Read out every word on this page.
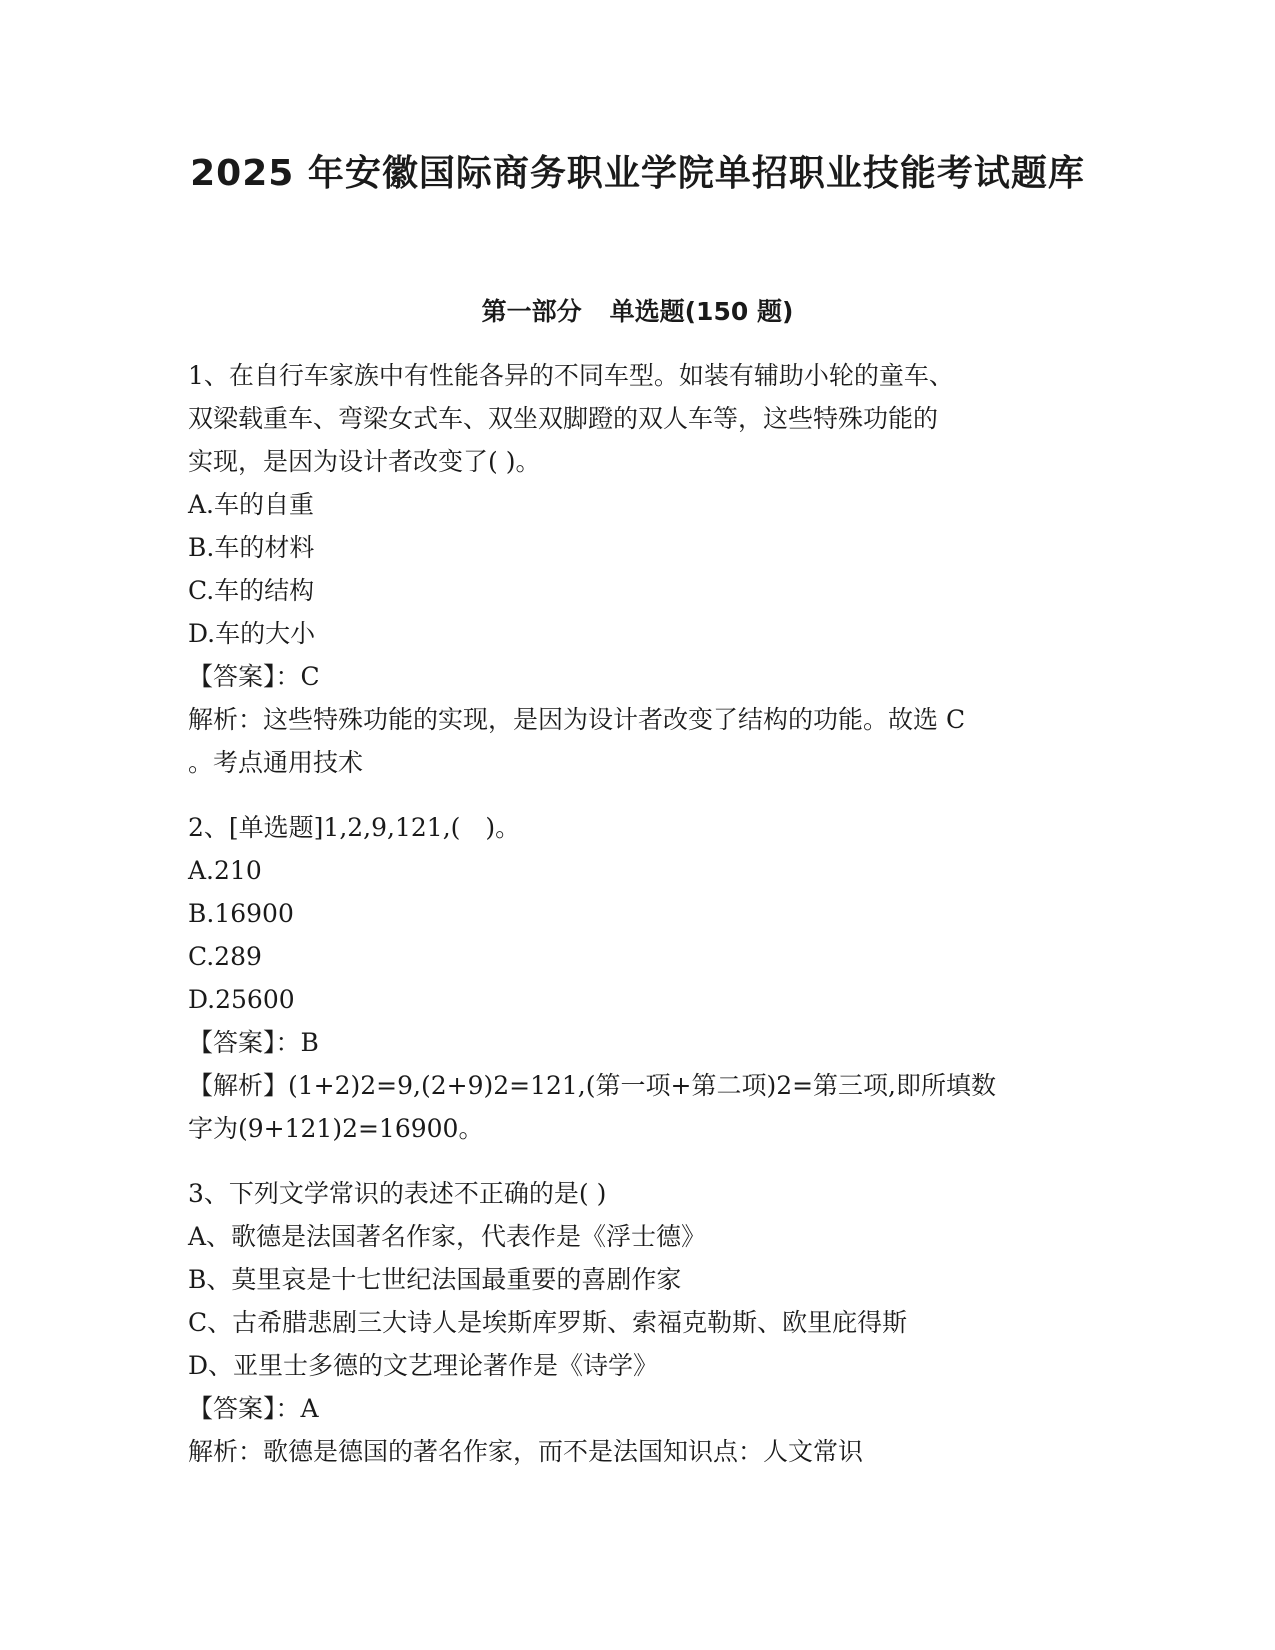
2025 年安徽国际商务职业学院单招职业技能考试题库
第一部分 单选题(150 题)
1、在自行车家族中有性能各异的不同车型。如装有辅助小轮的童车、
双梁载重车、弯梁女式车、双坐双脚蹬的双人车等，这些特殊功能的
实现，是因为设计者改变了( )。
A.车的自重
B.车的材料
C.车的结构
D.车的大小
【答案】：C
解析：这些特殊功能的实现，是因为设计者改变了结构的功能。故选 C
。考点通用技术
2、[单选题]1,2,9,121,(　)。
A.210
B.16900
C.289
D.25600
【答案】：B
【解析】(1+2)2=9,(2+9)2=121,(第一项+第二项)2=第三项,即所填数
字为(9+121)2=16900。
3、下列文学常识的表述不正确的是( )
A、歌德是法国著名作家，代表作是《浮士德》
B、莫里哀是十七世纪法国最重要的喜剧作家
C、古希腊悲剧三大诗人是埃斯库罗斯、索福克勒斯、欧里庇得斯
D、亚里士多德的文艺理论著作是《诗学》
【答案】：A
解析：歌德是德国的著名作家，而不是法国知识点：人文常识
